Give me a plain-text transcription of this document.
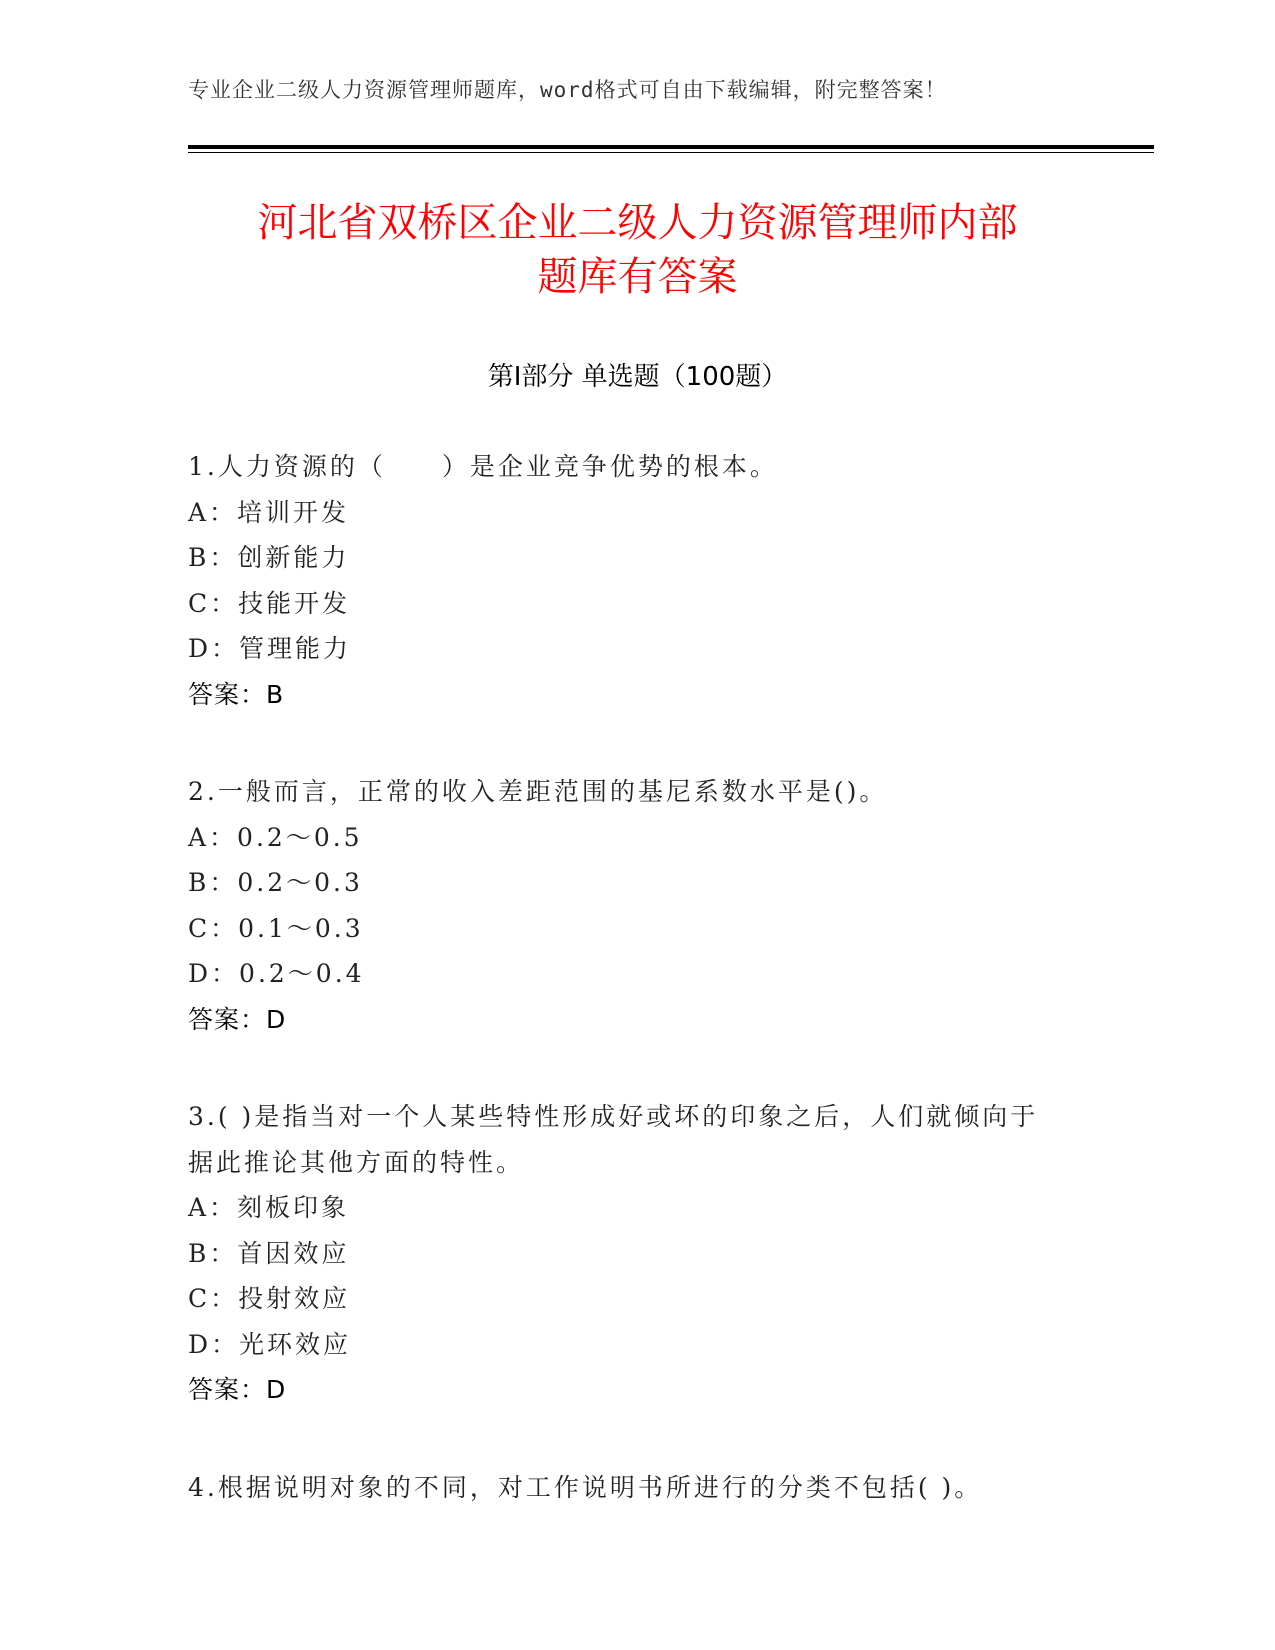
专业企业二级人力资源管理师题库，word格式可自由下载编辑，附完整答案！
河北省双桥区企业二级人力资源管理师内部
题库有答案
第Ⅰ部分 单选题（100题）
1.人力资源的（　　）是企业竞争优势的根本。
A：培训开发
B：创新能力
C：技能开发
D：管理能力
答案：B
2.一般而言，正常的收入差距范围的基尼系数水平是()。
A：0.2～0.5
B：0.2～0.3
C：0.1～0.3
D：0.2～0.4
答案：D
3.( )是指当对一个人某些特性形成好或坏的印象之后，人们就倾向于
据此推论其他方面的特性。
A：刻板印象
B：首因效应
C：投射效应
D：光环效应
答案：D
4.根据说明对象的不同，对工作说明书所进行的分类不包括( )。
